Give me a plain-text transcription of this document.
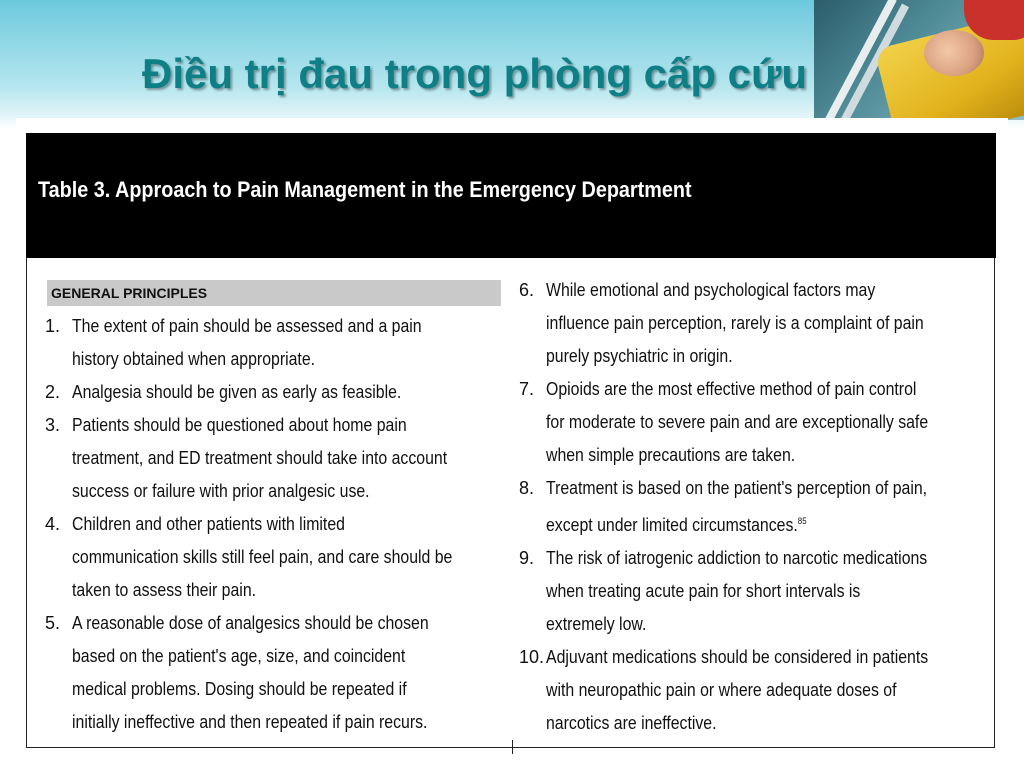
Điều trị đau trong phòng cấp cứu

Table 3. Approach to Pain Management in the Emergency Department

GENERAL PRINCIPLES
1. The extent of pain should be assessed and a pain history obtained when appropriate.
2. Analgesia should be given as early as feasible.
3. Patients should be questioned about home pain treatment, and ED treatment should take into account success or failure with prior analgesic use.
4. Children and other patients with limited communication skills still feel pain, and care should be taken to assess their pain.
5. A reasonable dose of analgesics should be chosen based on the patient's age, size, and coincident medical problems. Dosing should be repeated if initially ineffective and then repeated if pain recurs.
6. While emotional and psychological factors may influence pain perception, rarely is a complaint of pain purely psychiatric in origin.
7. Opioids are the most effective method of pain control for moderate to severe pain and are exceptionally safe when simple precautions are taken.
8. Treatment is based on the patient's perception of pain, except under limited circumstances.$^{85}$
9. The risk of iatrogenic addiction to narcotic medications when treating acute pain for short intervals is extremely low.
10. Adjuvant medications should be considered in patients with neuropathic pain or where adequate doses of narcotics are ineffective.
